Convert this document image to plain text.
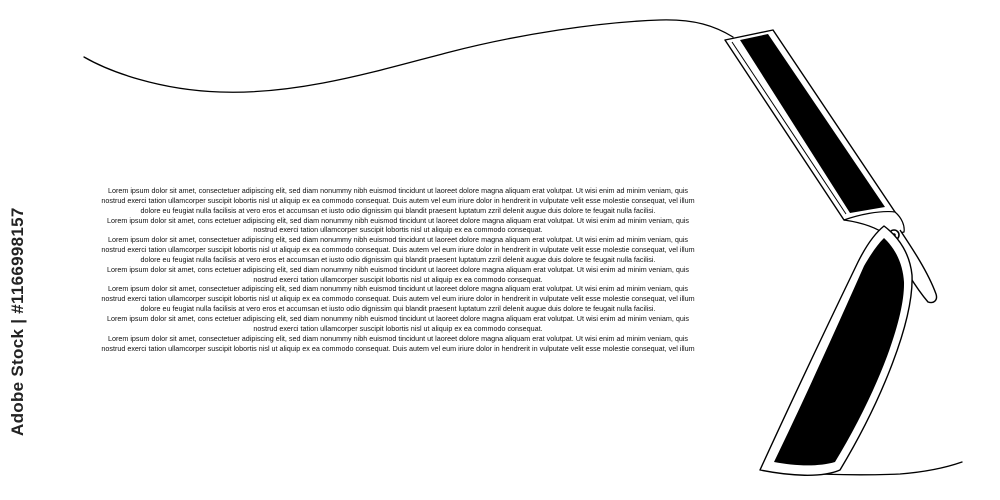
Lorem ipsum dolor sit amet, consectetuer adipiscing elit, sed diam nonummy nibh euismod tincidunt ut laoreet dolore magna aliquam erat volutpat. Ut wisi enim ad minim veniam, quis
nostrud exerci tation ullamcorper suscipit lobortis nisl ut aliquip ex ea commodo consequat. Duis autem vel eum iriure dolor in hendrerit in vulputate velit esse molestie consequat, vel illum
dolore eu feugiat nulla facilisis at vero eros et accumsan et iusto odio dignissim qui blandit praesent luptatum zzril delenit augue duis dolore te feugait nulla facilisi.
Lorem ipsum dolor sit amet, cons ectetuer adipiscing elit, sed diam nonummy nibh euismod tincidunt ut laoreet dolore magna aliquam erat volutpat. Ut wisi enim ad minim veniam, quis
nostrud exerci tation ullamcorper suscipit lobortis nisl ut aliquip ex ea commodo consequat.
Lorem ipsum dolor sit amet, consectetuer adipiscing elit, sed diam nonummy nibh euismod tincidunt ut laoreet dolore magna aliquam erat volutpat. Ut wisi enim ad minim veniam, quis
nostrud exerci tation ullamcorper suscipit lobortis nisl ut aliquip ex ea commodo consequat. Duis autem vel eum iriure dolor in hendrerit in vulputate velit esse molestie consequat, vel illum
dolore eu feugiat nulla facilisis at vero eros et accumsan et iusto odio dignissim qui blandit praesent luptatum zzril delenit augue duis dolore te feugait nulla facilisi.
Lorem ipsum dolor sit amet, cons ectetuer adipiscing elit, sed diam nonummy nibh euismod tincidunt ut laoreet dolore magna aliquam erat volutpat. Ut wisi enim ad minim veniam, quis
nostrud exerci tation ullamcorper suscipit lobortis nisl ut aliquip ex ea commodo consequat.
Lorem ipsum dolor sit amet, consectetuer adipiscing elit, sed diam nonummy nibh euismod tincidunt ut laoreet dolore magna aliquam erat volutpat. Ut wisi enim ad minim veniam, quis
nostrud exerci tation ullamcorper suscipit lobortis nisl ut aliquip ex ea commodo consequat. Duis autem vel eum iriure dolor in hendrerit in vulputate velit esse molestie consequat, vel illum
dolore eu feugiat nulla facilisis at vero eros et accumsan et iusto odio dignissim qui blandit praesent luptatum zzril delenit augue duis dolore te feugait nulla facilisi.
Lorem ipsum dolor sit amet, cons ectetuer adipiscing elit, sed diam nonummy nibh euismod tincidunt ut laoreet dolore magna aliquam erat volutpat. Ut wisi enim ad minim veniam, quis
nostrud exerci tation ullamcorper suscipit lobortis nisl ut aliquip ex ea commodo consequat.
Lorem ipsum dolor sit amet, consectetuer adipiscing elit, sed diam nonummy nibh euismod tincidunt ut laoreet dolore magna aliquam erat volutpat. Ut wisi enim ad minim veniam, quis
nostrud exerci tation ullamcorper suscipit lobortis nisl ut aliquip ex ea commodo consequat. Duis autem vel eum iriure dolor in hendrerit in vulputate velit esse molestie consequat, vel illum
Adobe Stock | #1166998157
